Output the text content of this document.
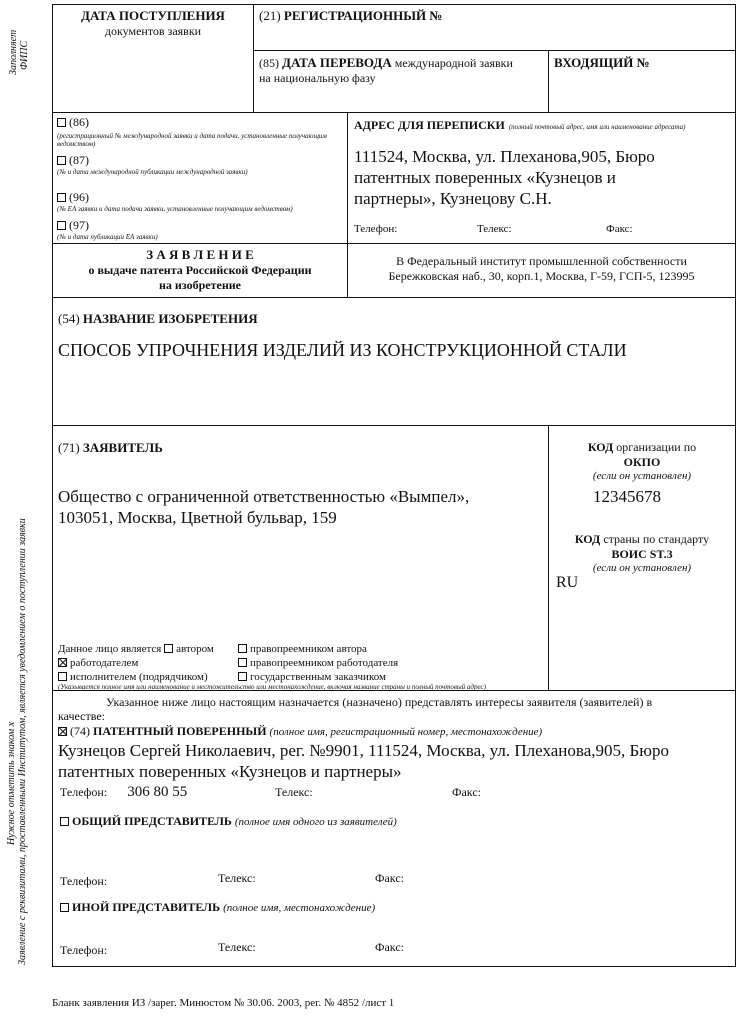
Заполняет ФИПС
Нужное отметить знаком х Заявление с реквизитами, проставленными Институтом, является уведомлением о поступлении заявки
ДАТА ПОСТУПЛЕНИЯ
документов заявки
(21) РЕГИСТРАЦИОННЫЙ №
(85) ДАТА ПЕРЕВОДА международной заявки
на национальную фазу
ВХОДЯЩИЙ №
(86)
(регистрационный № международной заявки и дата подачи, установленные получающим ведомством)
(87)
(№ и дата международной публикации международной заявки)
(96)
(№ ЕА заявки и дата подачи заявки, установленные получающим ведомством)
(97)
(№ и дата публикации ЕА заявки)
АДРЕС ДЛЯ ПЕРЕПИСКИ (полный почтовый адрес, имя или наименование адресата)
111524, Москва, ул. Плеханова,905, Бюро
патентных поверенных «Кузнецов и
партнеры», Кузнецову С.Н.
Телефон:	Телекс:	Факс:
З А Я В Л Е Н И Е
о выдаче патента Российской Федерации
на изобретение
В Федеральный институт промышленной собственности
Бережковская наб., 30, корп.1, Москва, Г-59, ГСП-5, 123995
(54) НАЗВАНИЕ ИЗОБРЕТЕНИЯ
СПОСОБ УПРОЧНЕНИЯ ИЗДЕЛИЙ ИЗ КОНСТРУКЦИОННОЙ СТАЛИ
(71) ЗАЯВИТЕЛЬ
Общество с ограниченной ответственностью «Вымпел»,
103051, Москва, Цветной бульвар, 159
Данное лицо является автором
работодателем
исполнителем (подрядчиком)
правопреемником автора
правопреемником работодателя
государственным заказчиком
(Указывается полное имя или наименование и местожительство или местонахождение, включая название страны и полный почтовый адрес)
КОД организации по
ОКПО
(если он установлен)
12345678
КОД страны по стандарту
ВОИС ST.3
(если он установлен)
RU
Указанное ниже лицо настоящим назначается (назначено) представлять интересы заявителя (заявителей) в
качестве:
(74) ПАТЕНТНЫЙ ПОВЕРЕННЫЙ (полное имя, регистрационный номер, местонахождение)
Кузнецов Сергей Николаевич, рег. №9901, 111524, Москва, ул. Плеханова,905, Бюро
патентных поверенных «Кузнецов и партнеры»
Телефон: 306 80 55	Телекс:	Факс:
ОБЩИЙ ПРЕДСТАВИТЕЛЬ (полное имя одного из заявителей)
Телефон:	Телекс:	Факс:
ИНОЙ ПРЕДСТАВИТЕЛЬ (полное имя, местонахождение)
Телефон:	Телекс:	Факс:
Бланк заявления ИЗ /зарег. Минюстом № 30.06. 2003, рег. № 4852 /лист 1
